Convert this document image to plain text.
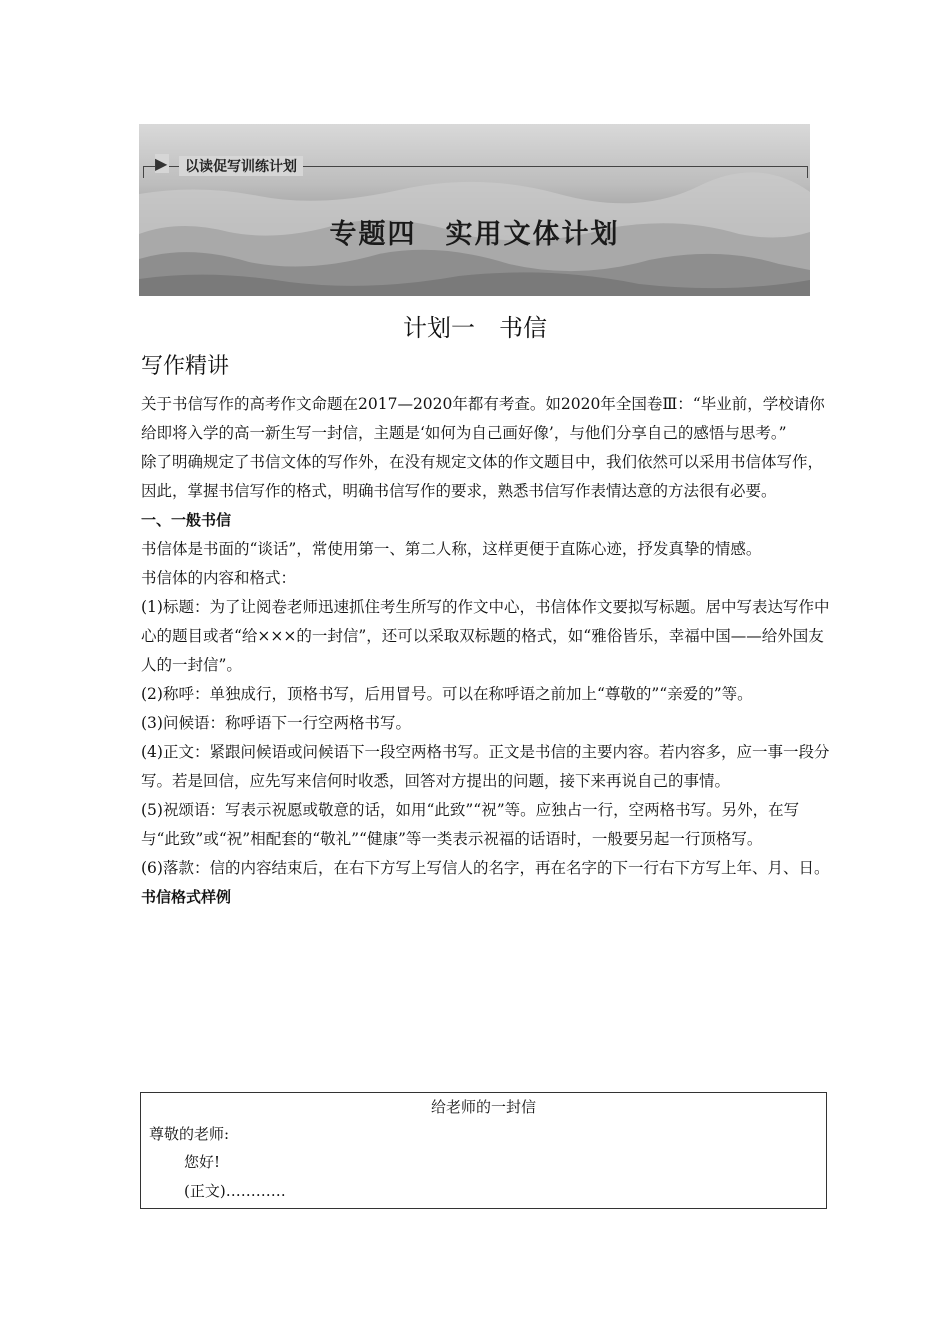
▶	以读促写训练计划
专题四　实用文体计划
计划一　书信
写作精讲

关于书信写作的高考作文命题在2017—2020年都有考查。如2020年全国卷Ⅲ：“毕业前，学校请你给即将入学的高一新生写一封信，主题是‘如何为自己画好像’，与他们分享自己的感悟与思考。”

除了明确规定了书信文体的写作外，在没有规定文体的作文题目中，我们依然可以采用书信体写作，因此，掌握书信写作的格式，明确书信写作的要求，熟悉书信写作表情达意的方法很有必要。

一、一般书信

书信体是书面的“谈话”，常使用第一、第二人称，这样更便于直陈心迹，抒发真挚的情感。

书信体的内容和格式：

(1)标题：为了让阅卷老师迅速抓住考生所写的作文中心，书信体作文要拟写标题。居中写表达写作中心的题目或者“给×××的一封信”，还可以采取双标题的格式，如“雅俗皆乐，幸福中国——给外国友人的一封信”。

(2)称呼：单独成行，顶格书写，后用冒号。可以在称呼语之前加上“尊敬的”“亲爱的”等。

(3)问候语：称呼语下一行空两格书写。

(4)正文：紧跟问候语或问候语下一段空两格书写。正文是书信的主要内容。若内容多，应一事一段分写。若是回信，应先写来信何时收悉，回答对方提出的问题，接下来再说自己的事情。

(5)祝颂语：写表示祝愿或敬意的话，如用“此致”“祝”等。应独占一行，空两格书写。另外，在写与“此致”或“祝”相配套的“敬礼”“健康”等一类表示祝福的话语时，一般要另起一行顶格写。

(6)落款：信的内容结束后，在右下方写上写信人的名字，再在名字的下一行右下方写上年、月、日。

书信格式样例

给老师的一封信
尊敬的老师:
您好!
(正文)…………
